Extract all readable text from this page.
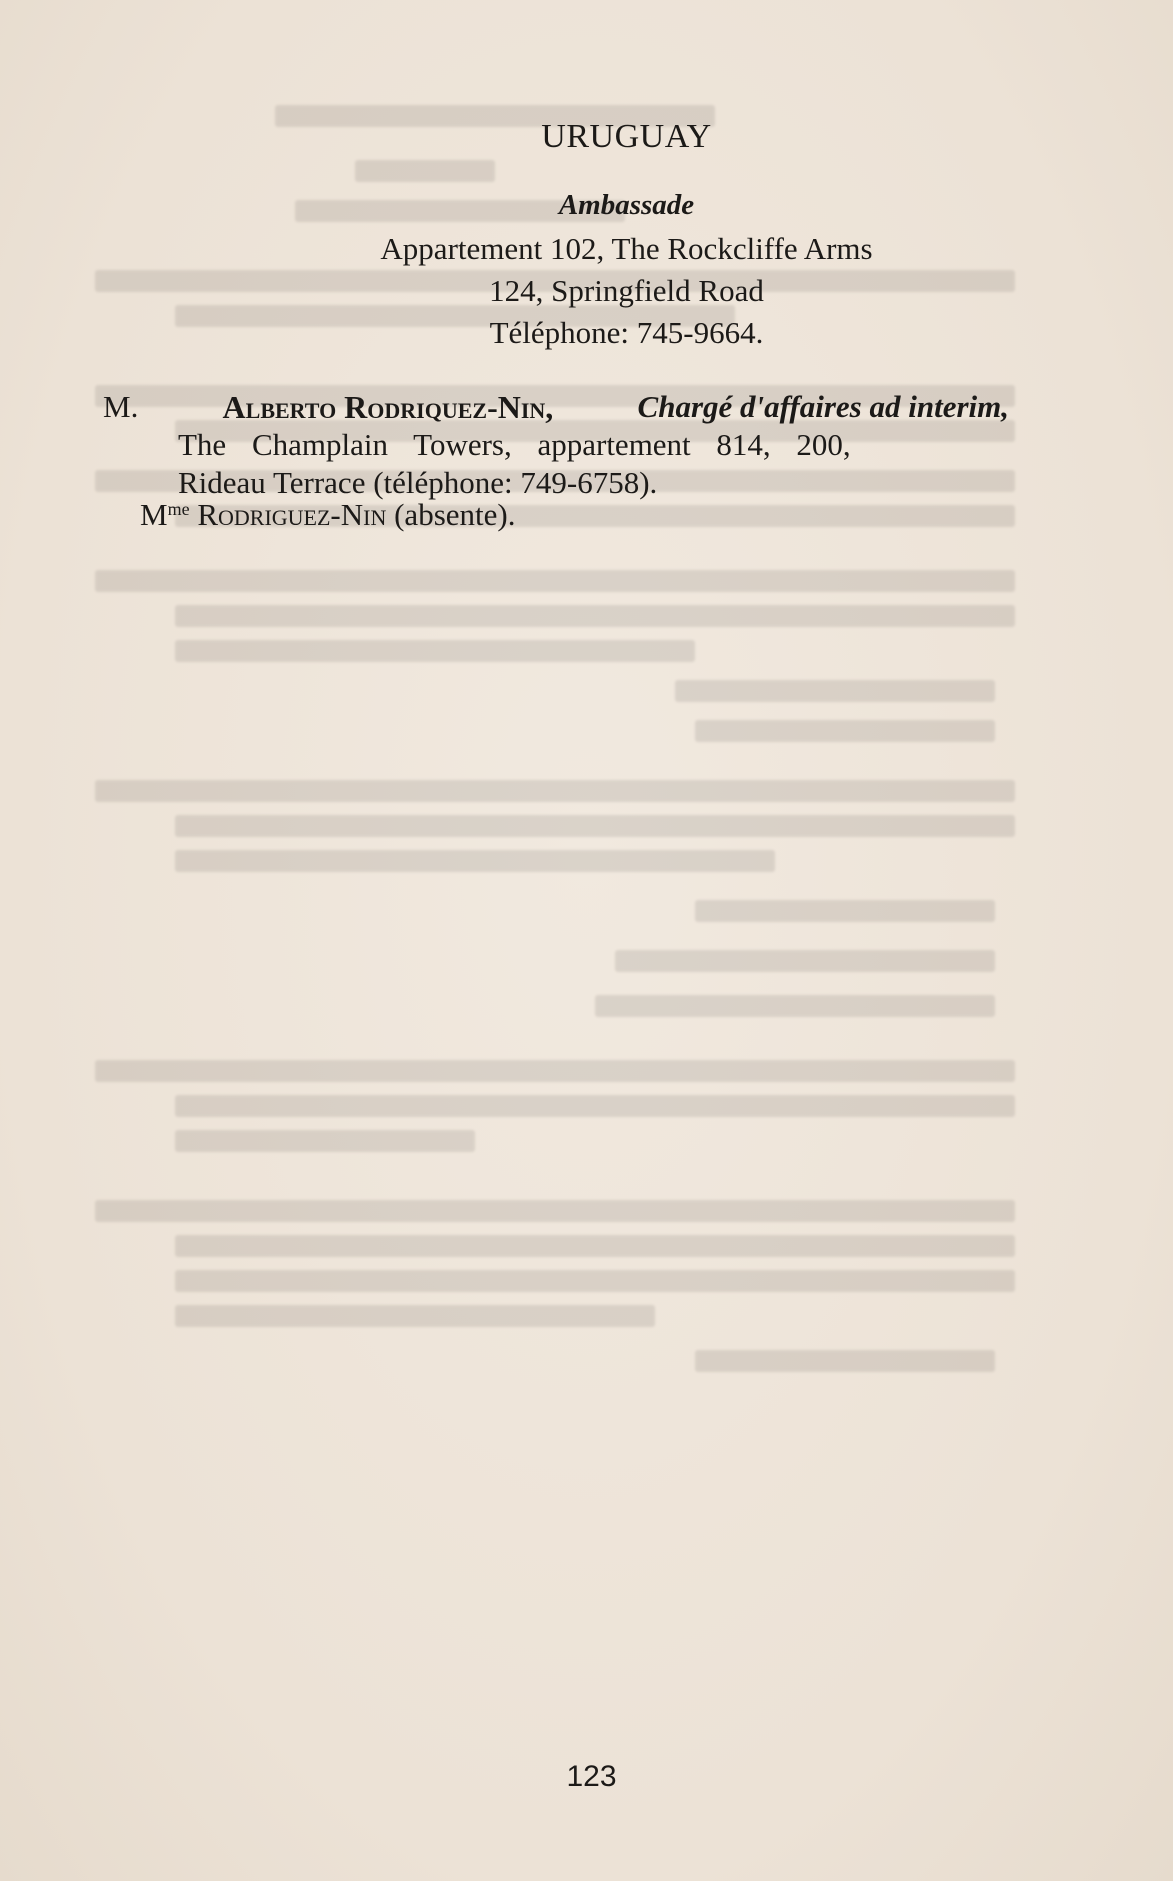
URUGUAY
Ambassade
Appartement 102, The Rockcliffe Arms
124, Springfield Road
Téléphone: 745-9664.
M.	Alberto Rodriquez-Nin,	Chargé d'affaires ad interim,
The Champlain Towers, appartement 814, 200,
Rideau Terrace (téléphone: 749-6758).
$M^{me}$ Rodriguez-Nin (absente).
123
